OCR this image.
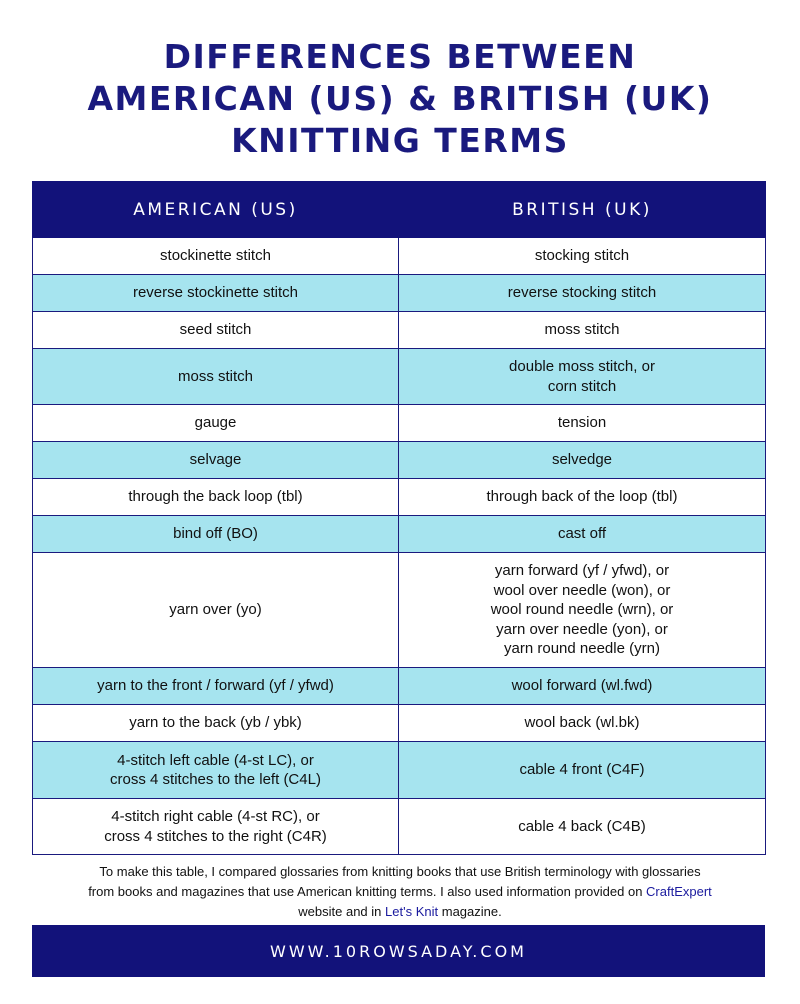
DIFFERENCES BETWEEN
AMERICAN (US) & BRITISH (UK)
KNITTING TERMS
AMERICAN (US)	BRITISH (UK)

stockinette stitch	stocking stitch

reverse stockinette stitch	reverse stocking stitch

seed stitch	moss stitch

moss stitch	double moss stitch, or
corn stitch

gauge	tension

selvage	selvedge

through the back loop (tbl)	through back of the loop (tbl)

bind off (BO)	cast off

yarn over (yo)	yarn forward (yf / yfwd), or
wool over needle (won), or
wool round needle (wrn), or
yarn over needle (yon), or
yarn round needle (yrn)

yarn to the front / forward (yf / yfwd)	wool forward (wl.fwd)

yarn to the back (yb / ybk)	wool back (wl.bk)

4-stitch left cable (4-st LC), or
cross 4 stitches to the left (C4L)	cable 4 front (C4F)

4-stitch right cable (4-st RC), or
cross 4 stitches to the right (C4R)	cable 4 back (C4B)
To make this table, I compared glossaries from knitting books that use British terminology with glossaries
from books and magazines that use American knitting terms. I also used information provided on CraftExpert
website and in Let's Knit magazine.
WWW.10ROWSADAY.COM
